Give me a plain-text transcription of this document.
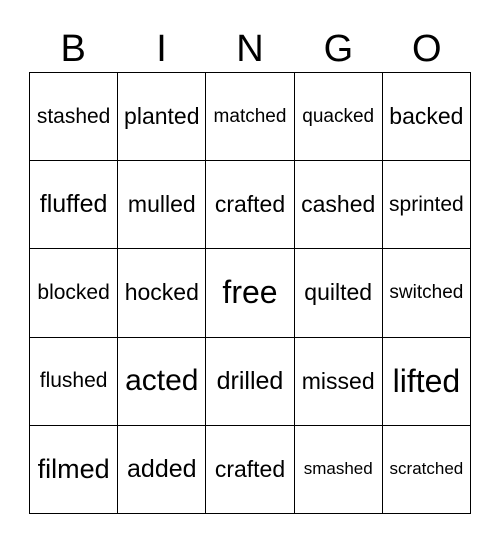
B	I	N	G	O
stashed planted matched quacked backed
fluffed mulled crafted cashed sprinted
blocked hocked free	quilted switched
flushed acted drilled missed lifted
filmed added crafted	smashed scratched
